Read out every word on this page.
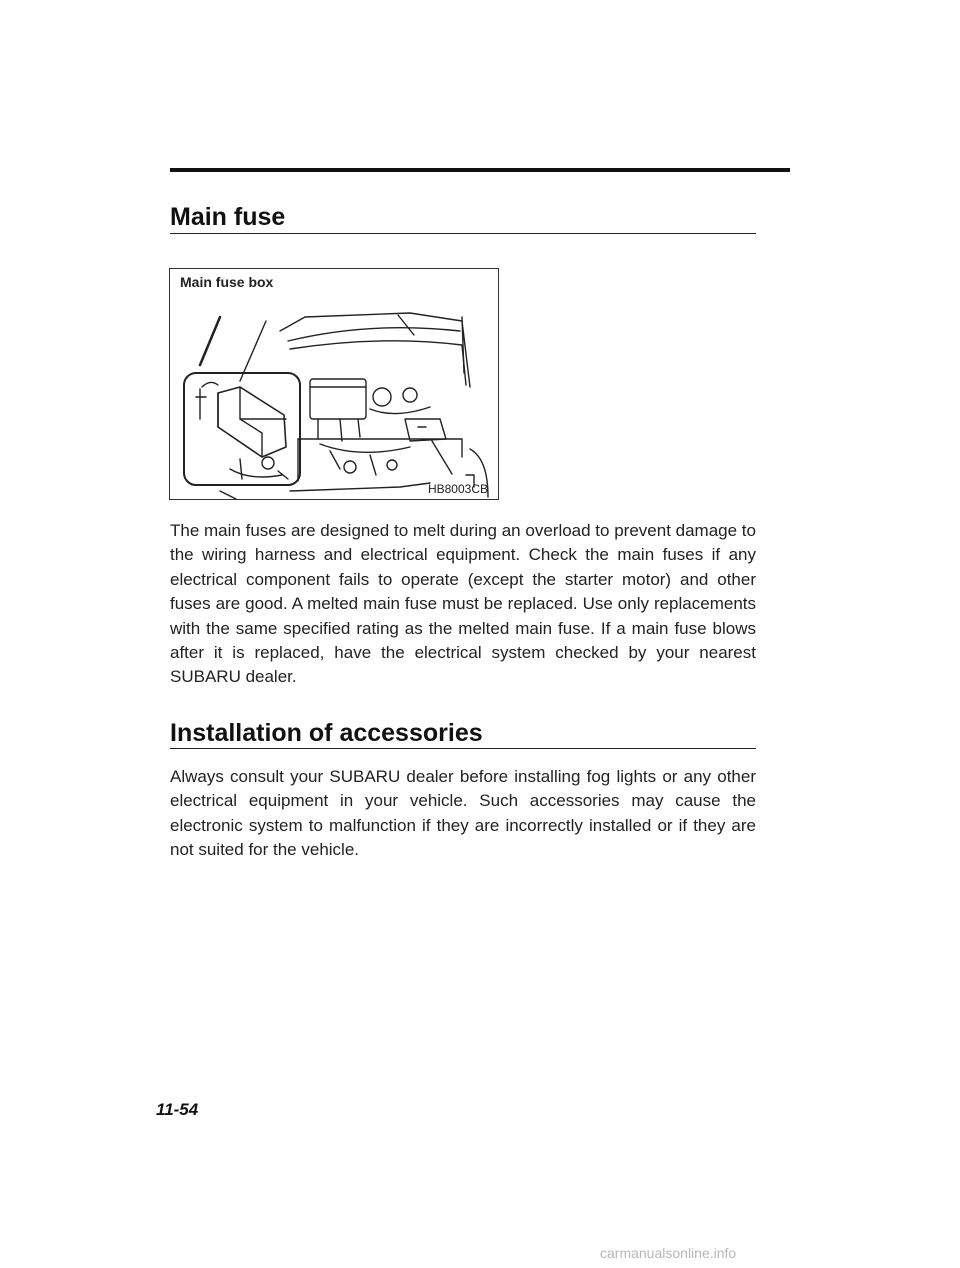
Main fuse
Main fuse box
HB8003CB

The main fuses are designed to melt during an overload to prevent damage to the wiring harness and electrical equipment. Check the main fuses if any electrical component fails to operate (except the starter motor) and other fuses are good. A melted main fuse must be replaced. Use only replacements with the same specified rating as the melted main fuse. If a main fuse blows after it is replaced, have the electrical system checked by your nearest SUBARU dealer.

Installation of accessories

Always consult your SUBARU dealer before installing fog lights or any other electrical equipment in your vehicle. Such accessories may cause the electronic system to malfunction if they are incorrectly installed or if they are not suited for the vehicle.

11-54
carmanualsonline.info
